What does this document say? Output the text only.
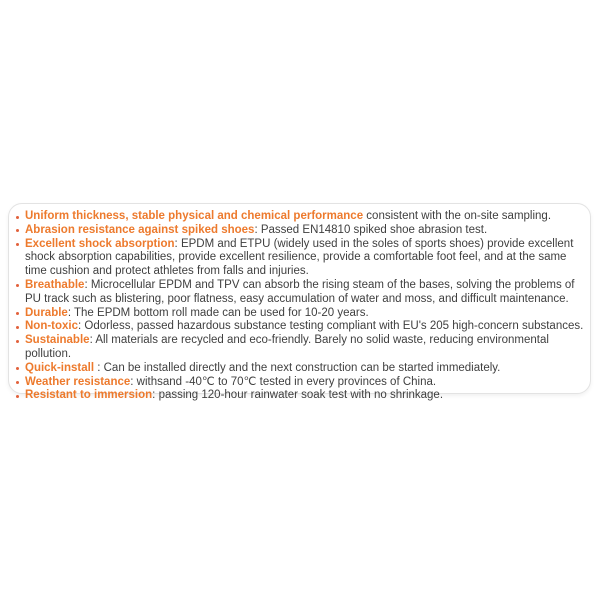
Uniform thickness, stable physical and chemical performance consistent with the on-site sampling.
Abrasion resistance against spiked shoes: Passed EN14810 spiked shoe abrasion test.
Excellent shock absorption: EPDM and ETPU (widely used in the soles of sports shoes) provide excellent shock absorption capabilities, provide excellent resilience, provide a comfortable foot feel, and at the same time cushion and protect athletes from falls and injuries.
Breathable: Microcellular EPDM and TPV can absorb the rising steam of the bases, solving the problems of PU track such as blistering, poor flatness, easy accumulation of water and moss, and difficult maintenance.
Durable: The EPDM bottom roll made can be used for 10-20 years.
Non-toxic: Odorless, passed hazardous substance testing compliant with EU's 205 high-concern substances.
Sustainable: All materials are recycled and eco-friendly. Barely no solid waste, reducing environmental pollution.
Quick-install : Can be installed directly and the next construction can be started immediately.
Weather resistance: withsand -40℃ to 70℃ tested in every provinces of China.
Resistant to immersion: passing 120-hour rainwater soak test with no shrinkage.
